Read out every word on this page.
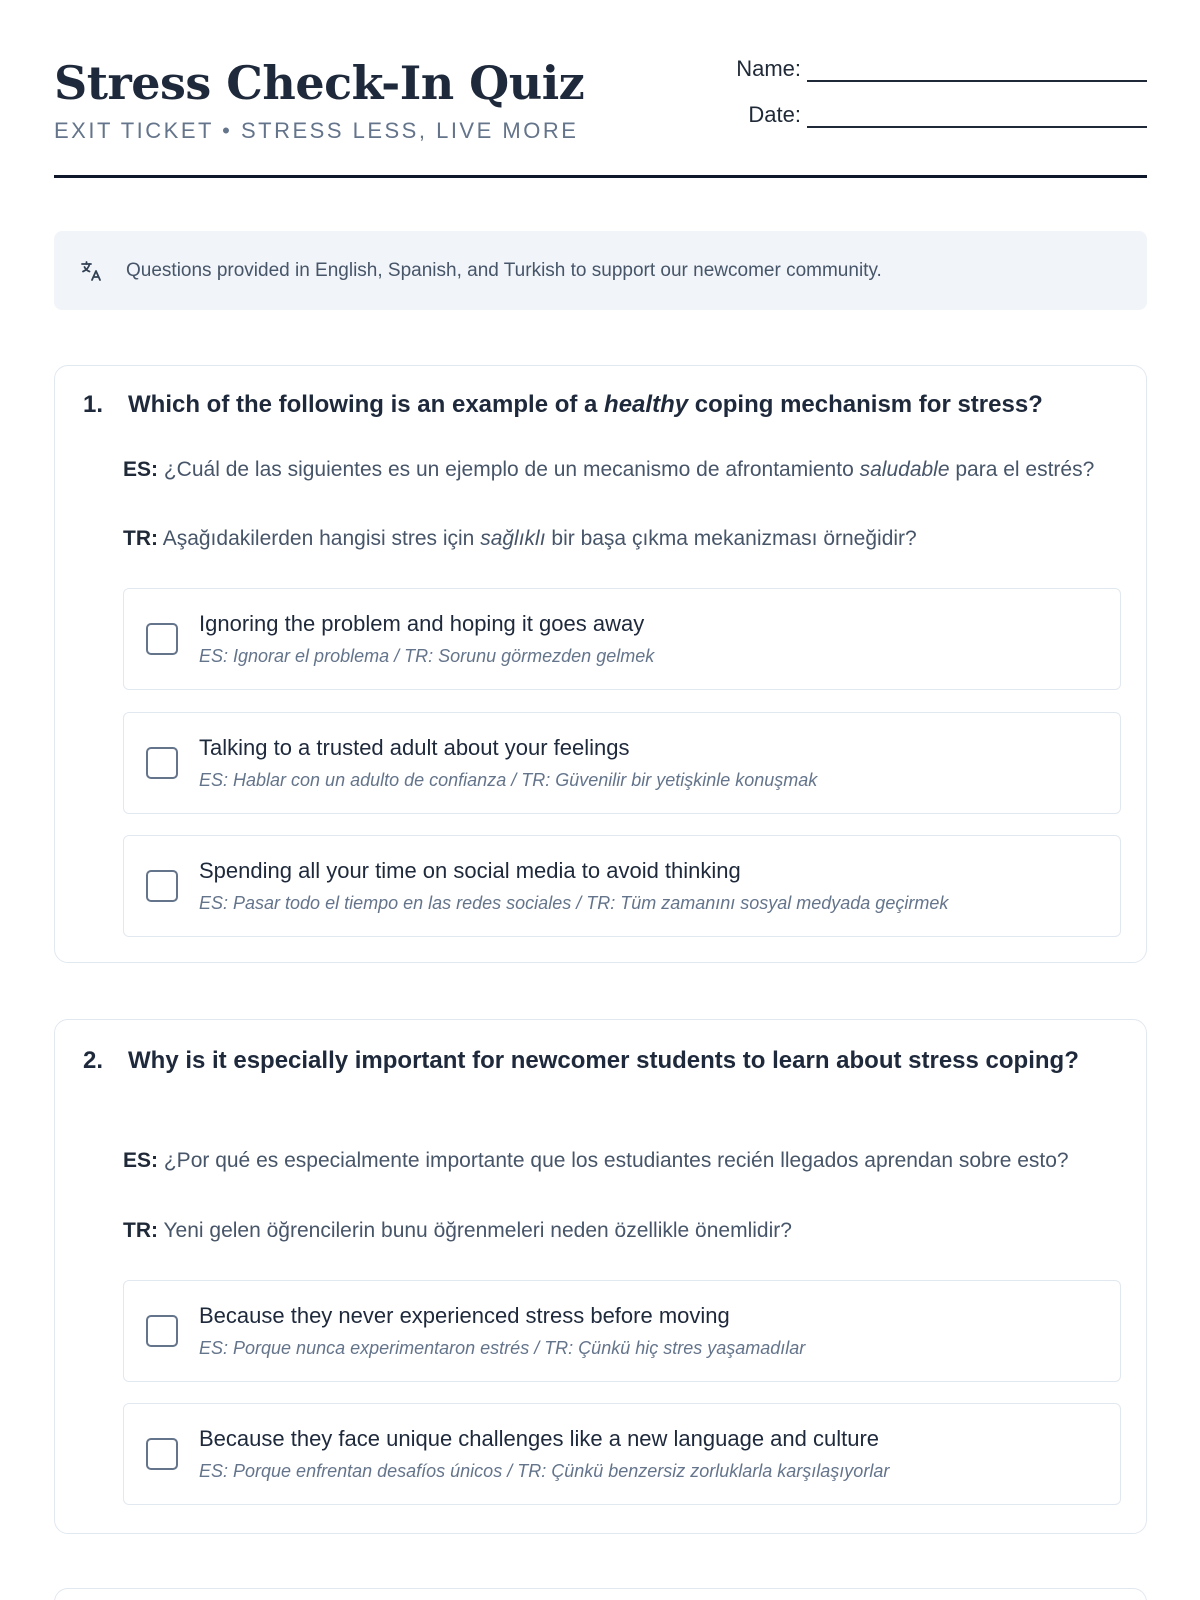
Stress Check-In Quiz
EXIT TICKET • STRESS LESS, LIVE MORE
Name:
Date:
Questions provided in English, Spanish, and Turkish to support our newcomer community.
1. Which of the following is an example of a healthy coping mechanism for stress?
ES: ¿Cuál de las siguientes es un ejemplo de un mecanismo de afrontamiento saludable para el estrés?
TR: Aşağıdakilerden hangisi stres için sağlıklı bir başa çıkma mekanizması örneğidir?
Ignoring the problem and hoping it goes away
ES: Ignorar el problema / TR: Sorunu görmezden gelmek
Talking to a trusted adult about your feelings
ES: Hablar con un adulto de confianza / TR: Güvenilir bir yetişkinle konuşmak
Spending all your time on social media to avoid thinking
ES: Pasar todo el tiempo en las redes sociales / TR: Tüm zamanını sosyal medyada geçirmek
2. Why is it especially important for newcomer students to learn about stress coping?
ES: ¿Por qué es especialmente importante que los estudiantes recién llegados aprendan sobre esto?
TR: Yeni gelen öğrencilerin bunu öğrenmeleri neden özellikle önemlidir?
Because they never experienced stress before moving
ES: Porque nunca experimentaron estrés / TR: Çünkü hiç stres yaşamadılar
Because they face unique challenges like a new language and culture
ES: Porque enfrentan desafíos únicos / TR: Çünkü benzersiz zorluklarla karşılaşıyorlar
